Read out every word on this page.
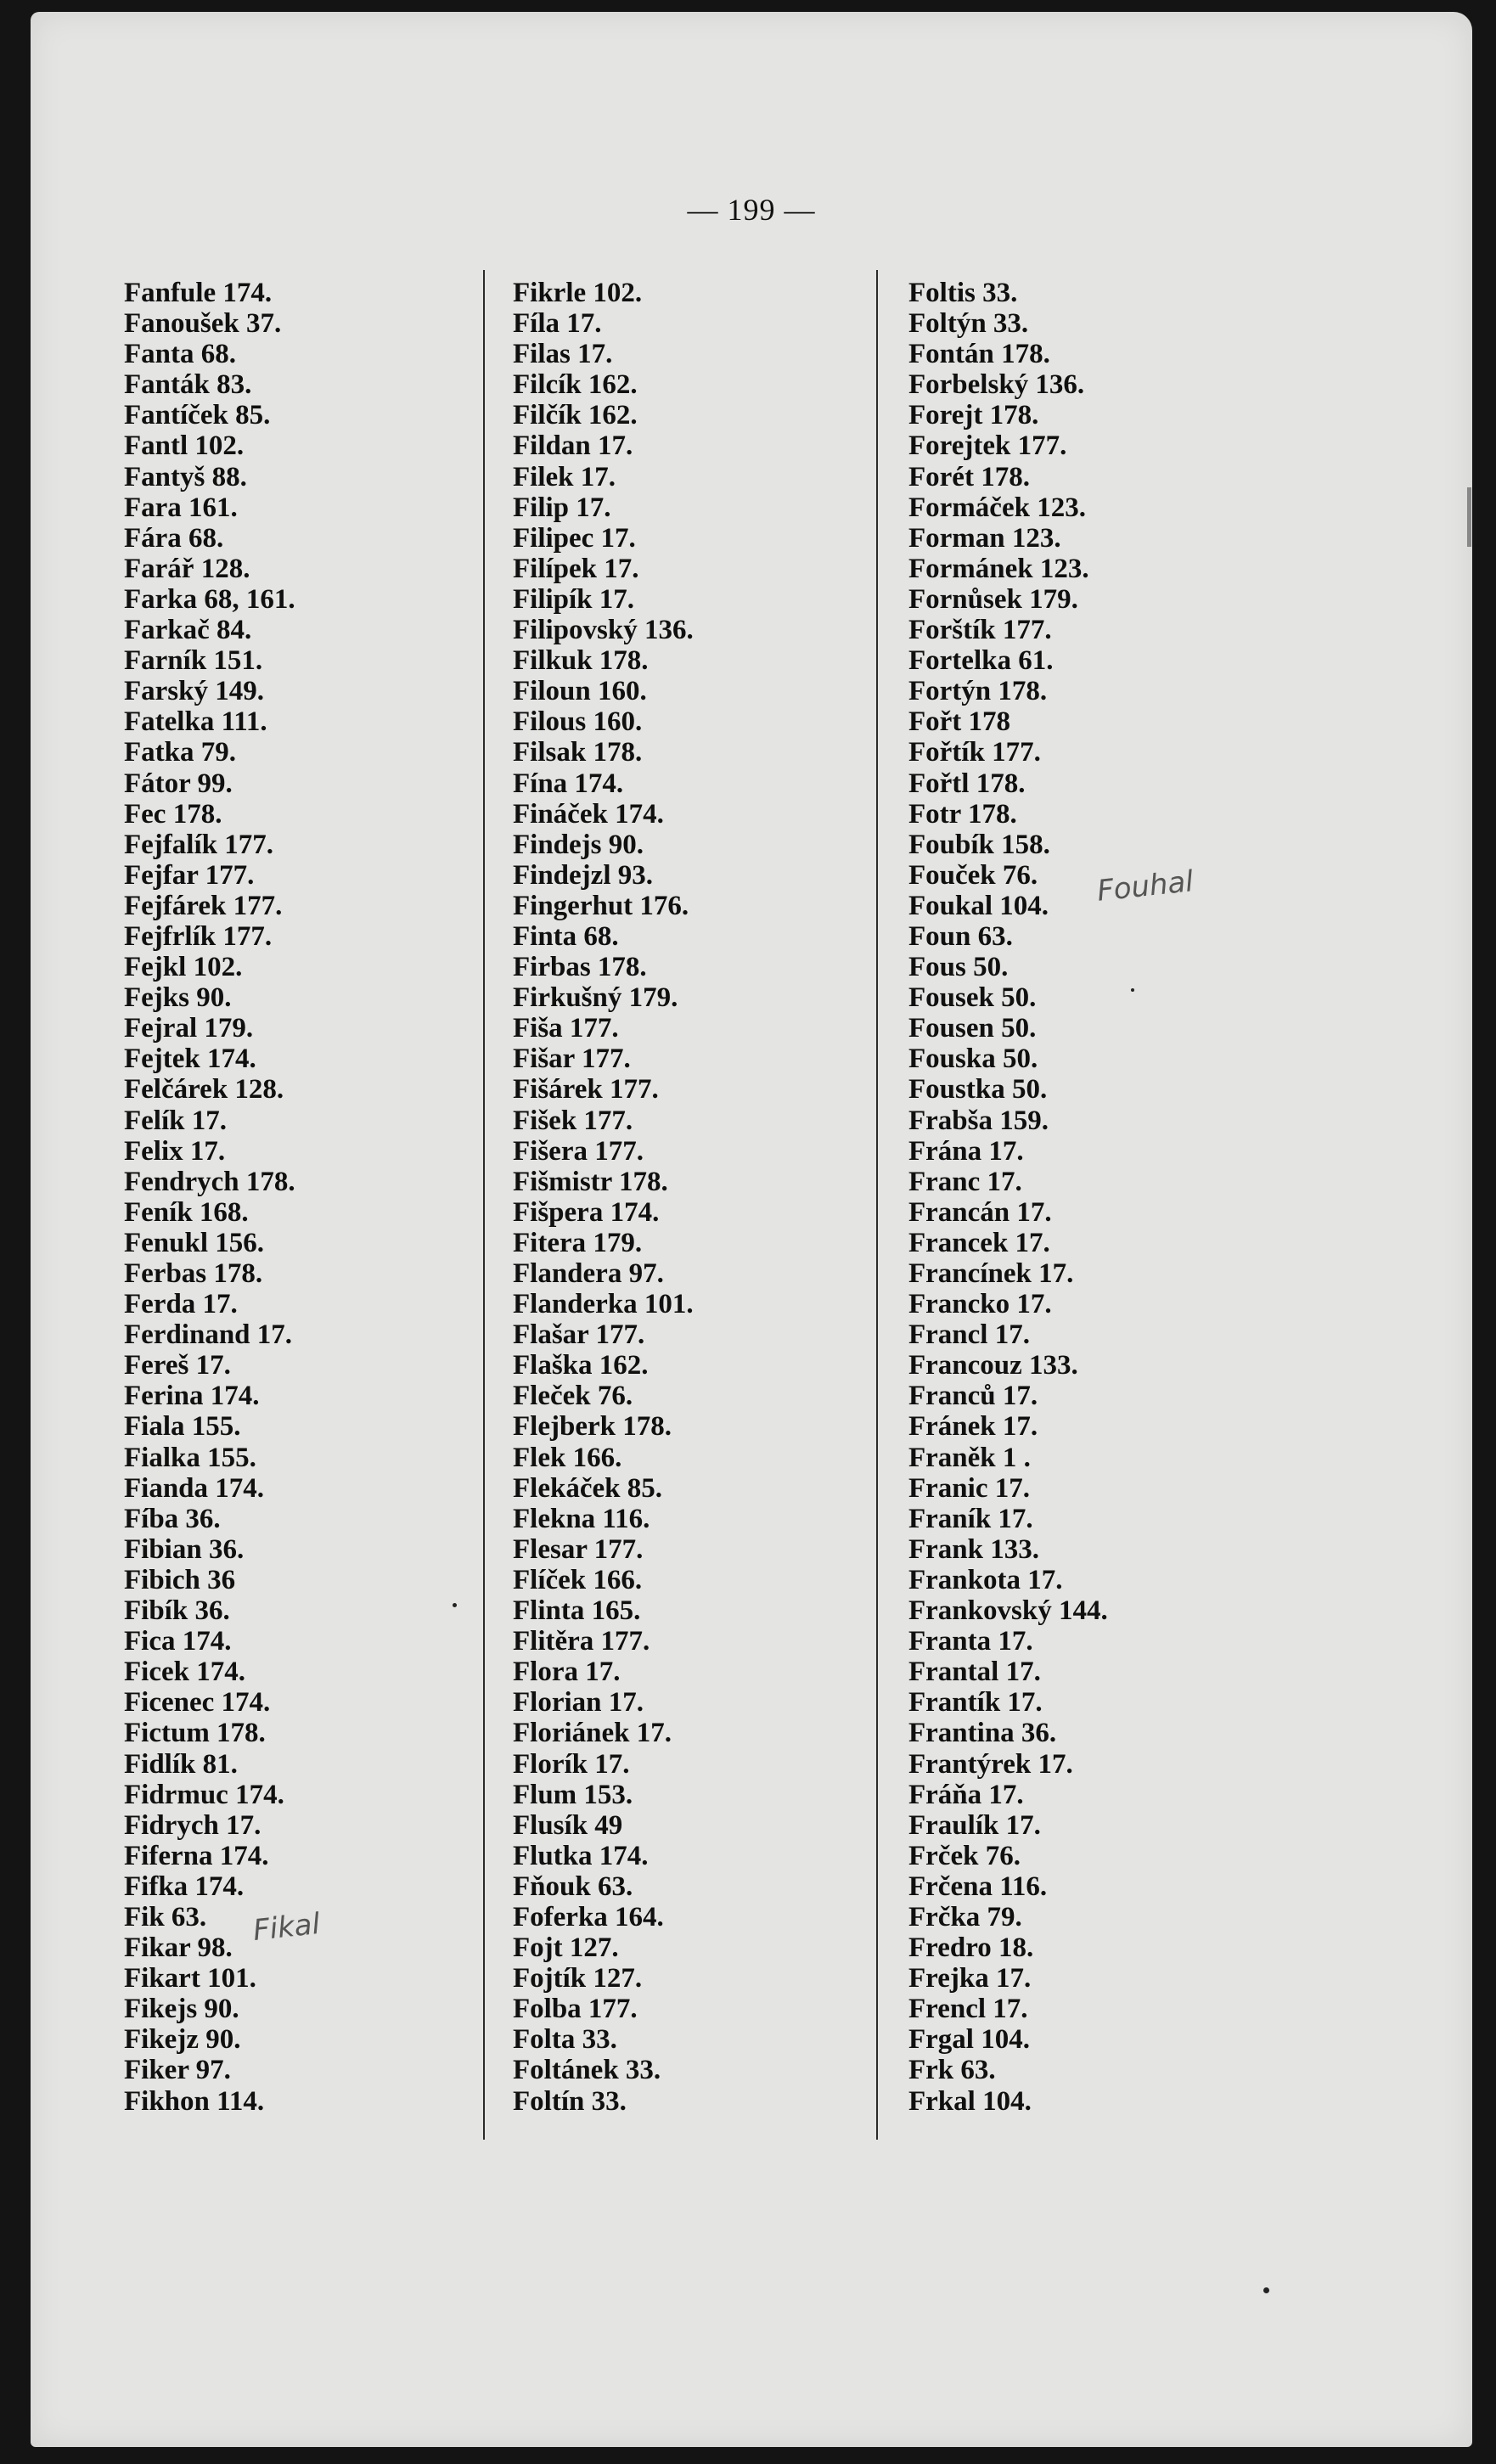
— 199 —
Fanfule 174.
Fanoušek 37.
Fanta 68.
Fanták 83.
Fantíček 85.
Fantl 102.
Fantyš 88.
Fara 161.
Fára 68.
Farář 128.
Farka 68, 161.
Farkač 84.
Farník 151.
Farský 149.
Fatelka 111.
Fatka 79.
Fátor 99.
Fec 178.
Fejfalík 177.
Fejfar 177.
Fejfárek 177.
Fejfrlík 177.
Fejkl 102.
Fejks 90.
Fejral 179.
Fejtek 174.
Felčárek 128.
Felík 17.
Felix 17.
Fendrych 178.
Feník 168.
Fenukl 156.
Ferbas 178.
Ferda 17.
Ferdinand 17.
Fereš 17.
Ferina 174.
Fiala 155.
Fialka 155.
Fianda 174.
Fíba 36.
Fibian 36.
Fibich 36
Fibík 36.
Fica 174.
Ficek 174.
Ficenec 174.
Fictum 178.
Fidlík 81.
Fidrmuc 174.
Fidrych 17.
Fiferna 174.
Fifka 174.
Fik 63.
Fikar 98.
Fikart 101.
Fikejs 90.
Fikejz 90.
Fiker 97.
Fikhon 114.
Fikrle 102.
Fíla 17.
Filas 17.
Filcík 162.
Filčík 162.
Fildan 17.
Filek 17.
Filip 17.
Filipec 17.
Filípek 17.
Filipík 17.
Filipovský 136.
Filkuk 178.
Filoun 160.
Filous 160.
Filsak 178.
Fína 174.
Fináček 174.
Findejs 90.
Findejzl 93.
Fingerhut 176.
Finta 68.
Firbas 178.
Firkušný 179.
Fiša 177.
Fišar 177.
Fišárek 177.
Fišek 177.
Fišera 177.
Fišmistr 178.
Fišpera 174.
Fitera 179.
Flandera 97.
Flanderka 101.
Flašar 177.
Flaška 162.
Fleček 76.
Flejberk 178.
Flek 166.
Flekáček 85.
Flekna 116.
Flesar 177.
Flíček 166.
Flinta 165.
Flitěra 177.
Flora 17.
Florian 17.
Floriánek 17.
Florík 17.
Flum 153.
Flusík 49
Flutka 174.
Fňouk 63.
Foferka 164.
Fojt 127.
Fojtík 127.
Folba 177.
Folta 33.
Foltánek 33.
Foltín 33.
Foltis 33.
Foltýn 33.
Fontán 178.
Forbelský 136.
Forejt 178.
Forejtek 177.
Forét 178.
Formáček 123.
Forman 123.
Formánek 123.
Fornůsek 179.
Forštík 177.
Fortelka 61.
Fortýn 178.
Fořt 178
Fořtík 177.
Fořtl 178.
Fotr 178.
Foubík 158.
Fouček 76.
Foukal 104.
Foun 63.
Fous 50.
Fousek 50.
Fousen 50.
Fouska 50.
Foustka 50.
Frabša 159.
Frána 17.
Franc 17.
Francán 17.
Francek 17.
Francínek 17.
Francko 17.
Francl 17.
Francouz 133.
Franců 17.
Fránek 17.
Franěk 1 .
Franic 17.
Franík 17.
Frank 133.
Frankota 17.
Frankovský 144.
Franta 17.
Frantal 17.
Frantík 17.
Frantina 36.
Frantýrek 17.
Fráňa 17.
Fraulík 17.
Frček 76.
Frčena 116.
Frčka 79.
Fredro 18.
Frejka 17.
Frencl 17.
Frgal 104.
Frk 63.
Frkal 104.
Fouhal
Fikal
